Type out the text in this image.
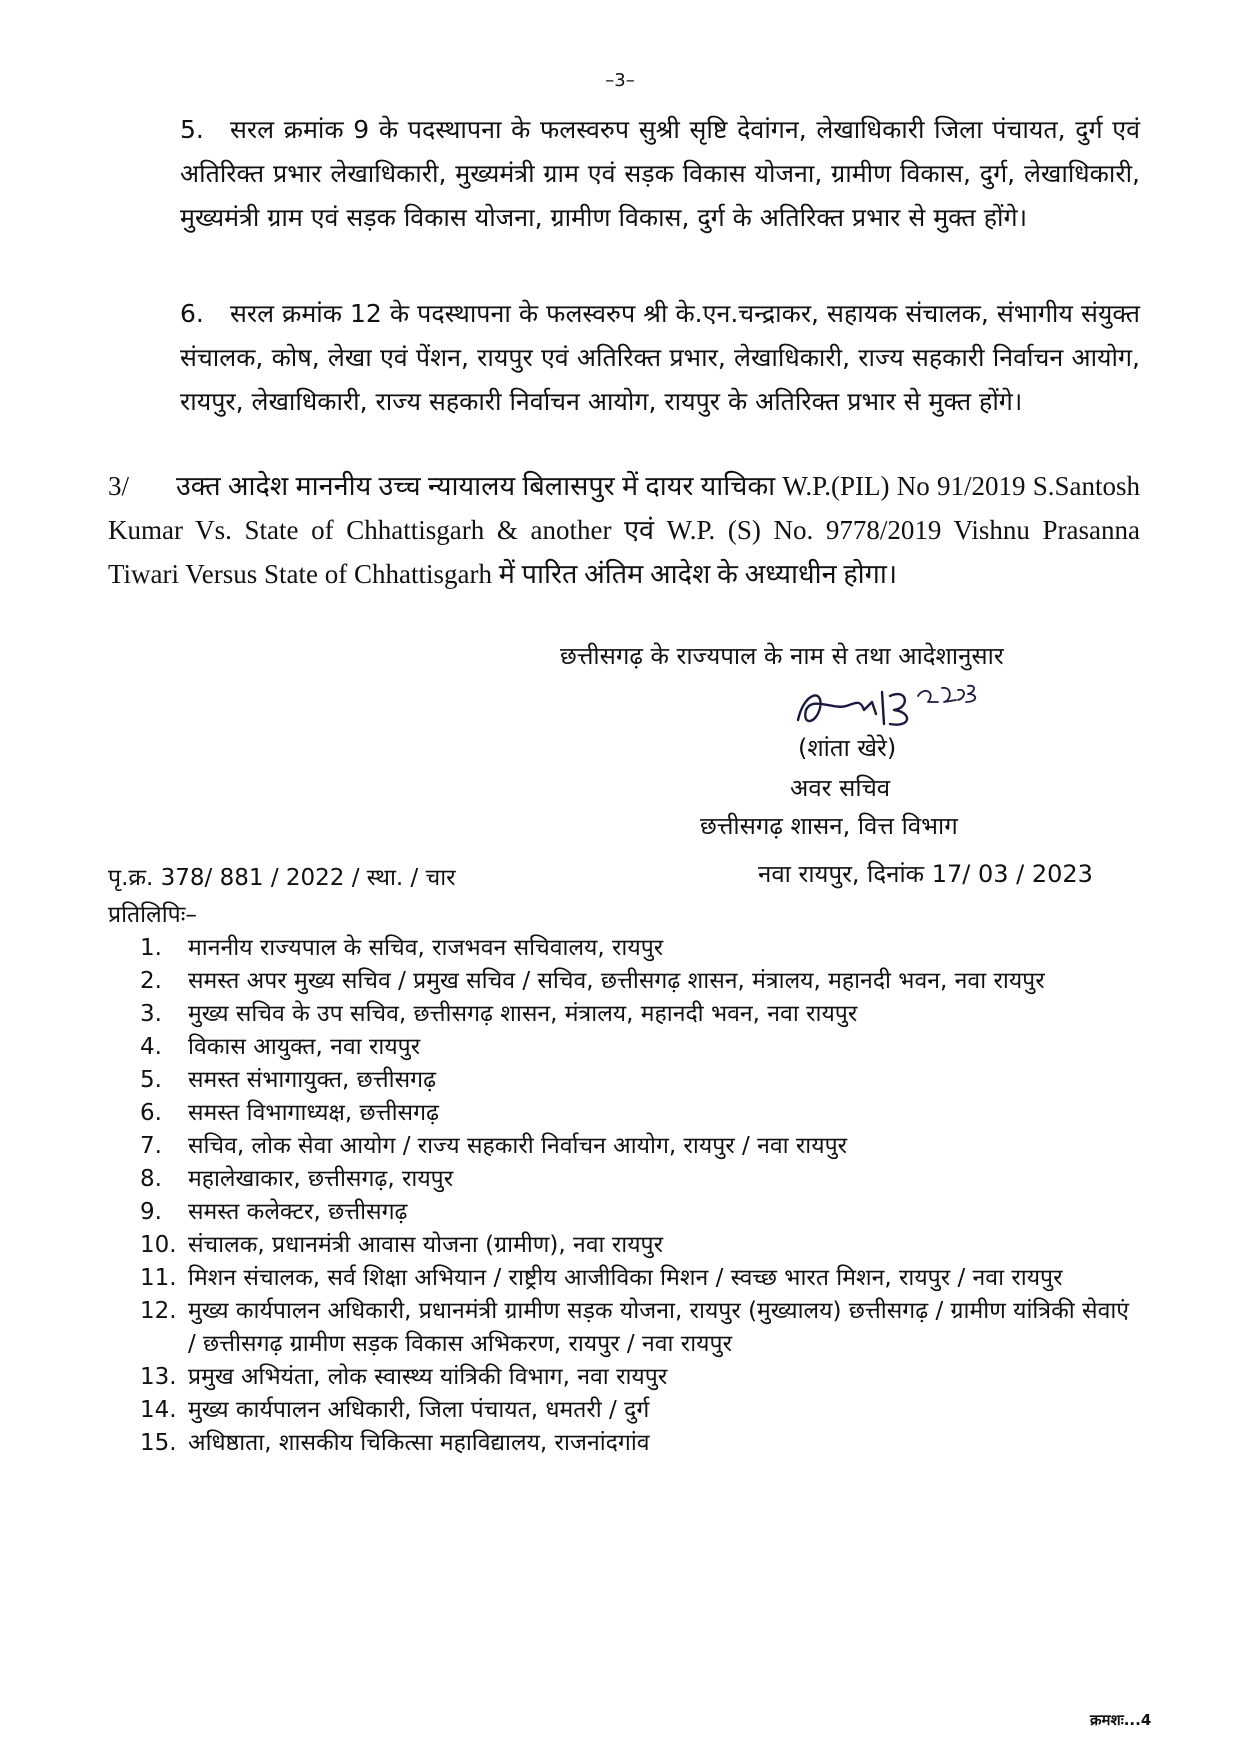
–3–
5. सरल क्रमांक 9 के पदस्थापना के फलस्वरुप सुश्री सृष्टि देवांगन, लेखाधिकारी जिला पंचायत, दुर्ग एवं अतिरिक्त प्रभार लेखाधिकारी, मुख्यमंत्री ग्राम एवं सड़क विकास योजना, ग्रामीण विकास, दुर्ग, लेखाधिकारी, मुख्यमंत्री ग्राम एवं सड़क विकास योजना, ग्रामीण विकास, दुर्ग के अतिरिक्त प्रभार से मुक्त होंगे।
6. सरल क्रमांक 12 के पदस्थापना के फलस्वरुप श्री के.एन.चन्द्राकर, सहायक संचालक, संभागीय संयुक्त संचालक, कोष, लेखा एवं पेंशन, रायपुर एवं अतिरिक्त प्रभार, लेखाधिकारी, राज्य सहकारी निर्वाचन आयोग, रायपुर, लेखाधिकारी, राज्य सहकारी निर्वाचन आयोग, रायपुर के अतिरिक्त प्रभार से मुक्त होंगे।
3/ उक्त आदेश माननीय उच्च न्यायालय बिलासपुर में दायर याचिका W.P.(PIL) No 91/2019 S.Santosh Kumar Vs. State of Chhattisgarh & another एवं W.P. (S) No. 9778/2019 Vishnu Prasanna Tiwari Versus State of Chhattisgarh में पारित अंतिम आदेश के अध्याधीन होगा।
छत्तीसगढ़ के राज्यपाल के नाम से तथा आदेशानुसार
(शांता खेरे)
अवर सचिव
छत्तीसगढ़ शासन, वित्त विभाग
पृ.क्र. 378/ 881 / 2022 / स्था. / चार	नवा रायपुर, दिनांक 17/ 03 / 2023
प्रतिलिपिः–
1.	माननीय राज्यपाल के सचिव, राजभवन सचिवालय, रायपुर
2.	समस्त अपर मुख्य सचिव / प्रमुख सचिव / सचिव, छत्तीसगढ़ शासन, मंत्रालय, महानदी भवन, नवा रायपुर
3.	मुख्य सचिव के उप सचिव, छत्तीसगढ़ शासन, मंत्रालय, महानदी भवन, नवा रायपुर
4.	विकास आयुक्त, नवा रायपुर
5.	समस्त संभागायुक्त, छत्तीसगढ़
6.	समस्त विभागाध्यक्ष, छत्तीसगढ़
7.	सचिव, लोक सेवा आयोग / राज्य सहकारी निर्वाचन आयोग, रायपुर / नवा रायपुर
8.	महालेखाकार, छत्तीसगढ़, रायपुर
9.	समस्त कलेक्टर, छत्तीसगढ़
10. संचालक, प्रधानमंत्री आवास योजना (ग्रामीण), नवा रायपुर
11. मिशन संचालक, सर्व शिक्षा अभियान / राष्ट्रीय आजीविका मिशन / स्वच्छ भारत मिशन, रायपुर / नवा रायपुर
12. मुख्य कार्यपालन अधिकारी, प्रधानमंत्री ग्रामीण सड़क योजना, रायपुर (मुख्यालय) छत्तीसगढ़ / ग्रामीण यांत्रिकी सेवाएं / छत्तीसगढ़ ग्रामीण सड़क विकास अभिकरण, रायपुर / नवा रायपुर
13. प्रमुख अभियंता, लोक स्वास्थ्य यांत्रिकी विभाग, नवा रायपुर
14. मुख्य कार्यपालन अधिकारी, जिला पंचायत, धमतरी / दुर्ग
15. अधिष्ठाता, शासकीय चिकित्सा महाविद्यालय, राजनांदगांव
क्रमशः...4
